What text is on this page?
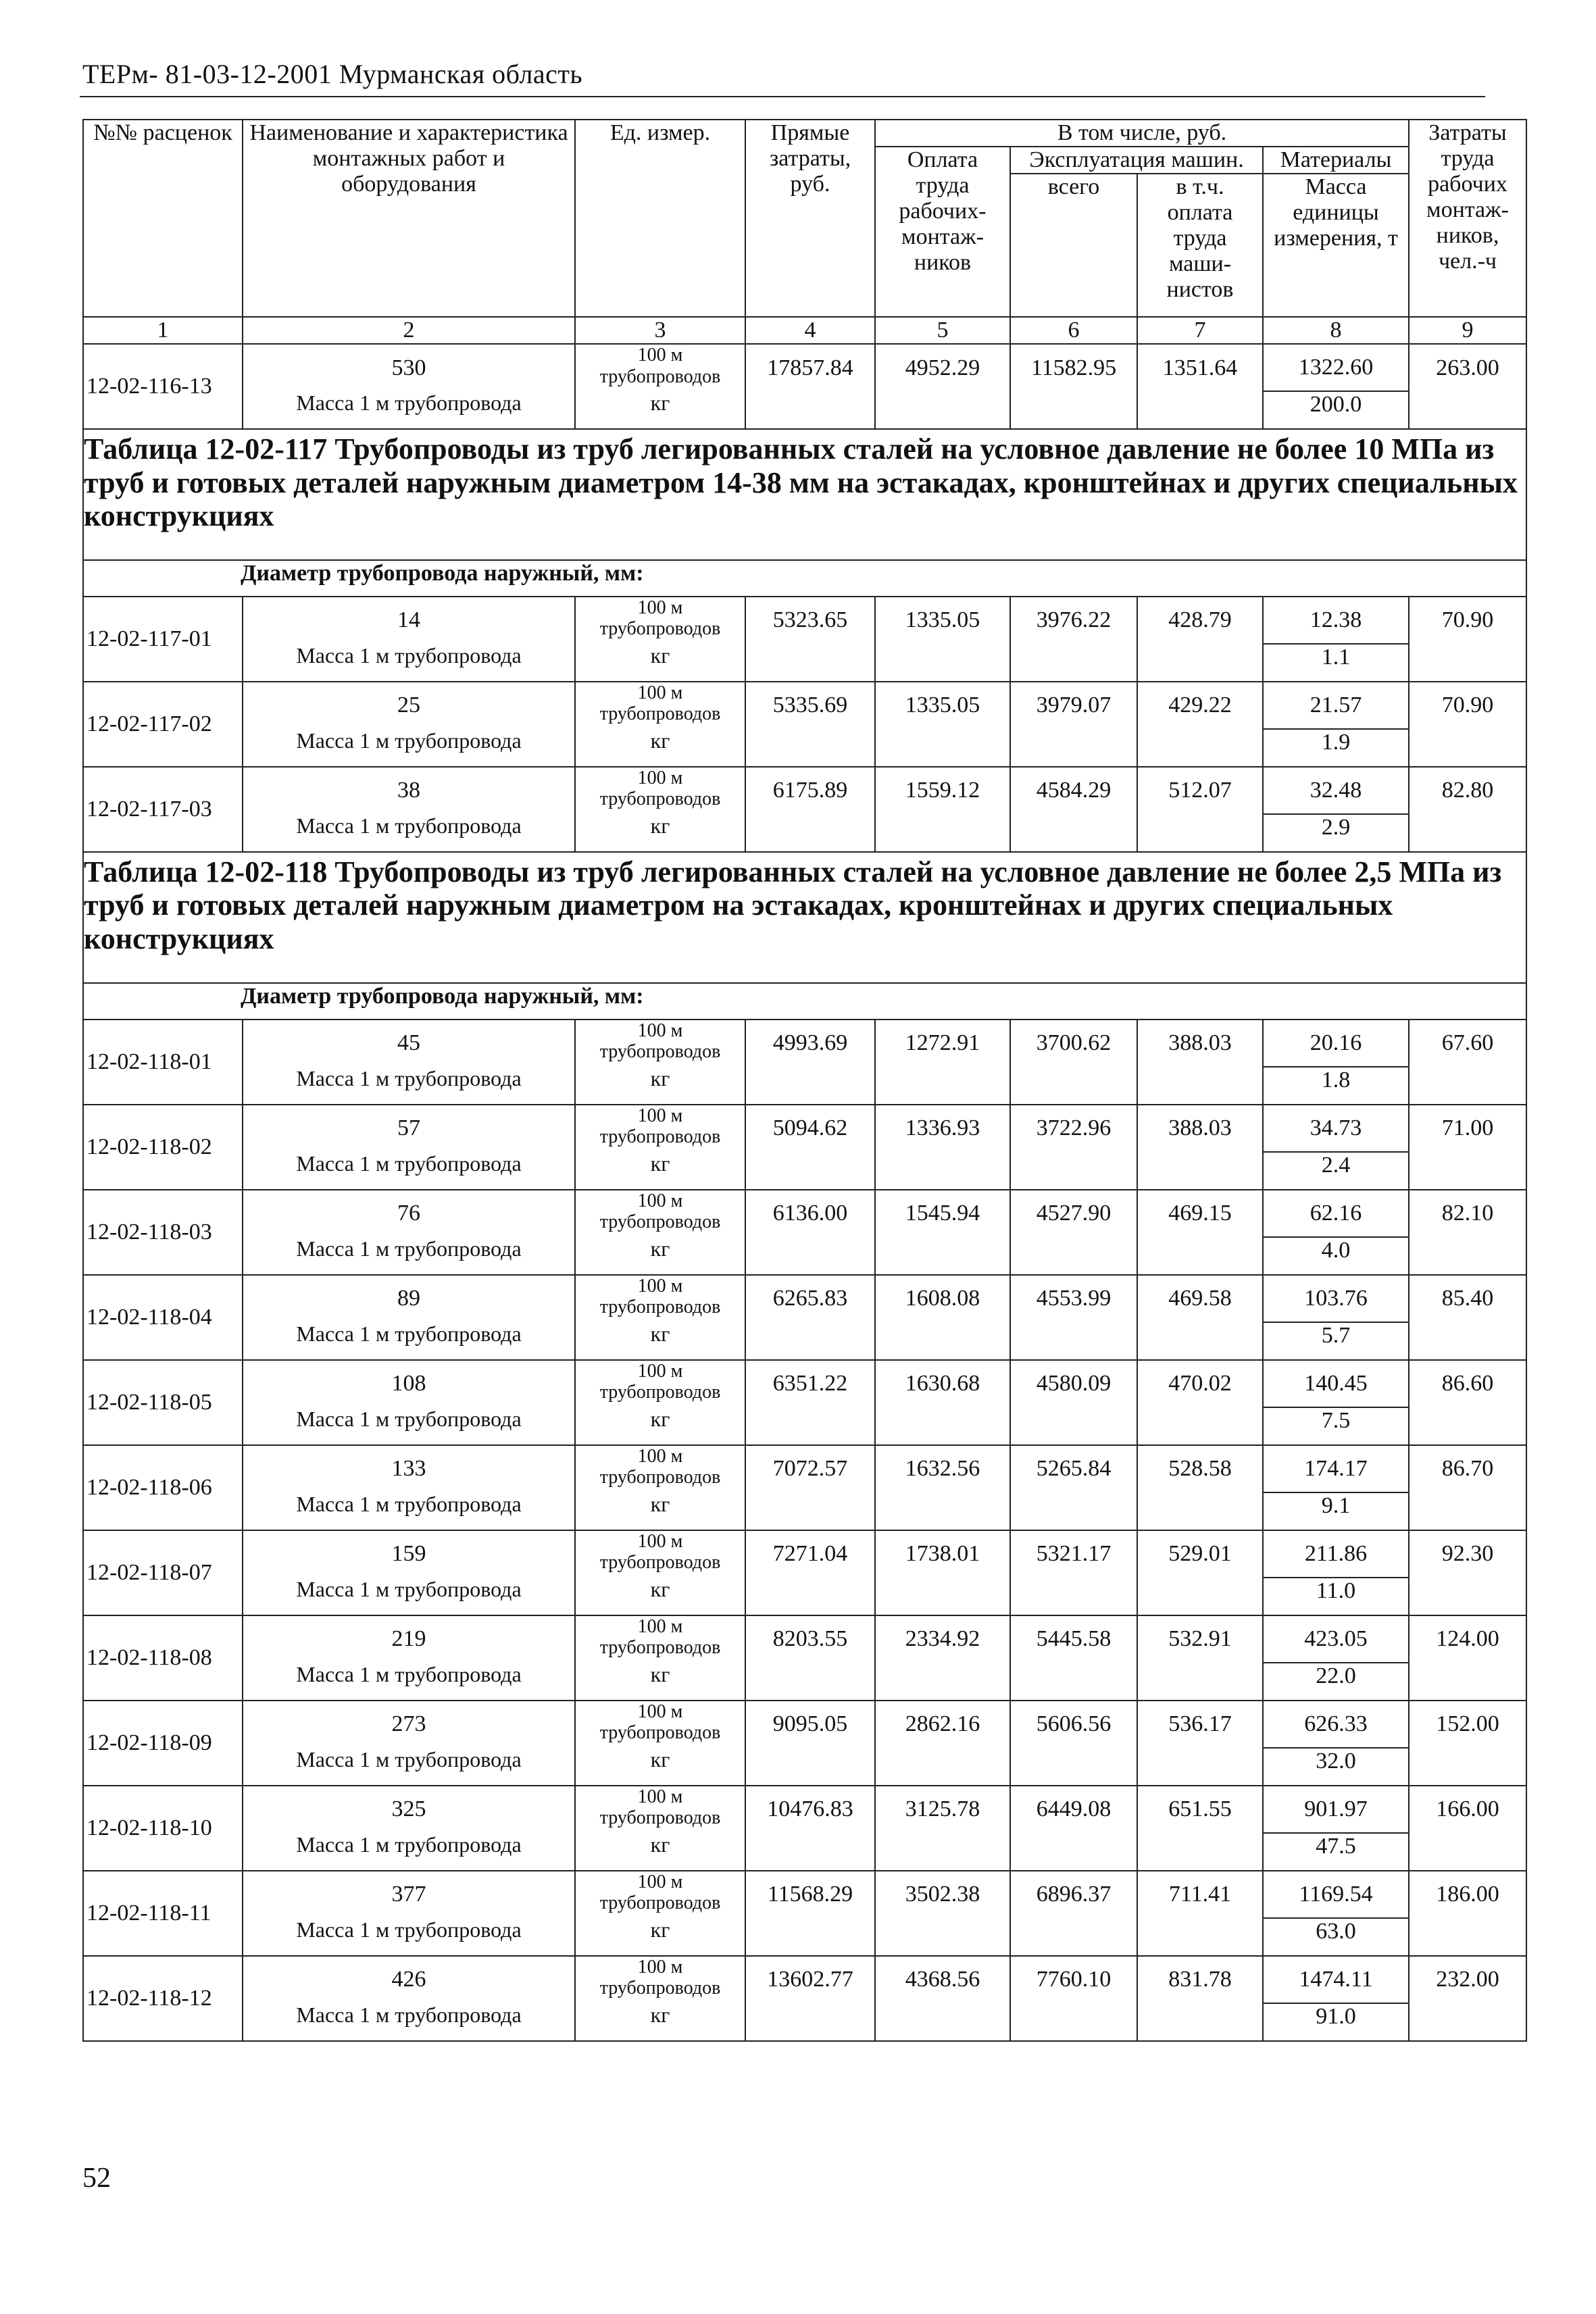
ТЕРм- 81-03-12-2001 Мурманская область
№№ расценок	Наименование и характеристика монтажных работ и оборудования	Ед. измер.	Прямые затраты, руб.	В том числе, руб.				Затраты труда рабочих монтаж-ников, чел.-ч
				Оплата труда рабочих-монтаж-ников	Эксплуатация машин.		Материалы	
					всего	в т.ч. оплата труда маши-нистов	Масса единицы измерения, т	
1	2	3	4	5	6	7	8	9
12-02-116-13	530	100 м трубопроводов	17857.84	4952.29	11582.95	1351.64	1322.60	263.00
	Масса 1 м трубопровода	кг					200.0	
Таблица 12-02-117 Трубопроводы из труб легированных сталей на условное давление не более 10 МПа из труб и готовых деталей наружным диаметром 14-38 мм на эстакадах, кронштейнах и других специальных конструкциях								
Диаметр трубопровода наружный, мм:								
12-02-117-01	14	100 м трубопроводов	5323.65	1335.05	3976.22	428.79	12.38	70.90
	Масса 1 м трубопровода	кг					1.1	
12-02-117-02	25	100 м трубопроводов	5335.69	1335.05	3979.07	429.22	21.57	70.90
	Масса 1 м трубопровода	кг					1.9	
12-02-117-03	38	100 м трубопроводов	6175.89	1559.12	4584.29	512.07	32.48	82.80
	Масса 1 м трубопровода	кг					2.9	
Таблица 12-02-118 Трубопроводы из труб легированных сталей на условное давление не более 2,5 МПа из труб и готовых деталей наружным диаметром на эстакадах, кронштейнах и других специальных конструкциях								
Диаметр трубопровода наружный, мм:								
12-02-118-01	45	100 м трубопроводов	4993.69	1272.91	3700.62	388.03	20.16	67.60
	Масса 1 м трубопровода	кг					1.8	
12-02-118-02	57	100 м трубопроводов	5094.62	1336.93	3722.96	388.03	34.73	71.00
	Масса 1 м трубопровода	кг					2.4	
12-02-118-03	76	100 м трубопроводов	6136.00	1545.94	4527.90	469.15	62.16	82.10
	Масса 1 м трубопровода	кг					4.0	
12-02-118-04	89	100 м трубопроводов	6265.83	1608.08	4553.99	469.58	103.76	85.40
	Масса 1 м трубопровода	кг					5.7	
12-02-118-05	108	100 м трубопроводов	6351.22	1630.68	4580.09	470.02	140.45	86.60
	Масса 1 м трубопровода	кг					7.5	
12-02-118-06	133	100 м трубопроводов	7072.57	1632.56	5265.84	528.58	174.17	86.70
	Масса 1 м трубопровода	кг					9.1	
12-02-118-07	159	100 м трубопроводов	7271.04	1738.01	5321.17	529.01	211.86	92.30
	Масса 1 м трубопровода	кг					11.0	
12-02-118-08	219	100 м трубопроводов	8203.55	2334.92	5445.58	532.91	423.05	124.00
	Масса 1 м трубопровода	кг					22.0	
12-02-118-09	273	100 м трубопроводов	9095.05	2862.16	5606.56	536.17	626.33	152.00
	Масса 1 м трубопровода	кг					32.0	
12-02-118-10	325	100 м трубопроводов	10476.83	3125.78	6449.08	651.55	901.97	166.00
	Масса 1 м трубопровода	кг					47.5	
12-02-118-11	377	100 м трубопроводов	11568.29	3502.38	6896.37	711.41	1169.54	186.00
	Масса 1 м трубопровода	кг					63.0	
12-02-118-12	426	100 м трубопроводов	13602.77	4368.56	7760.10	831.78	1474.11	232.00
	Масса 1 м трубопровода	кг					91.0	
52
